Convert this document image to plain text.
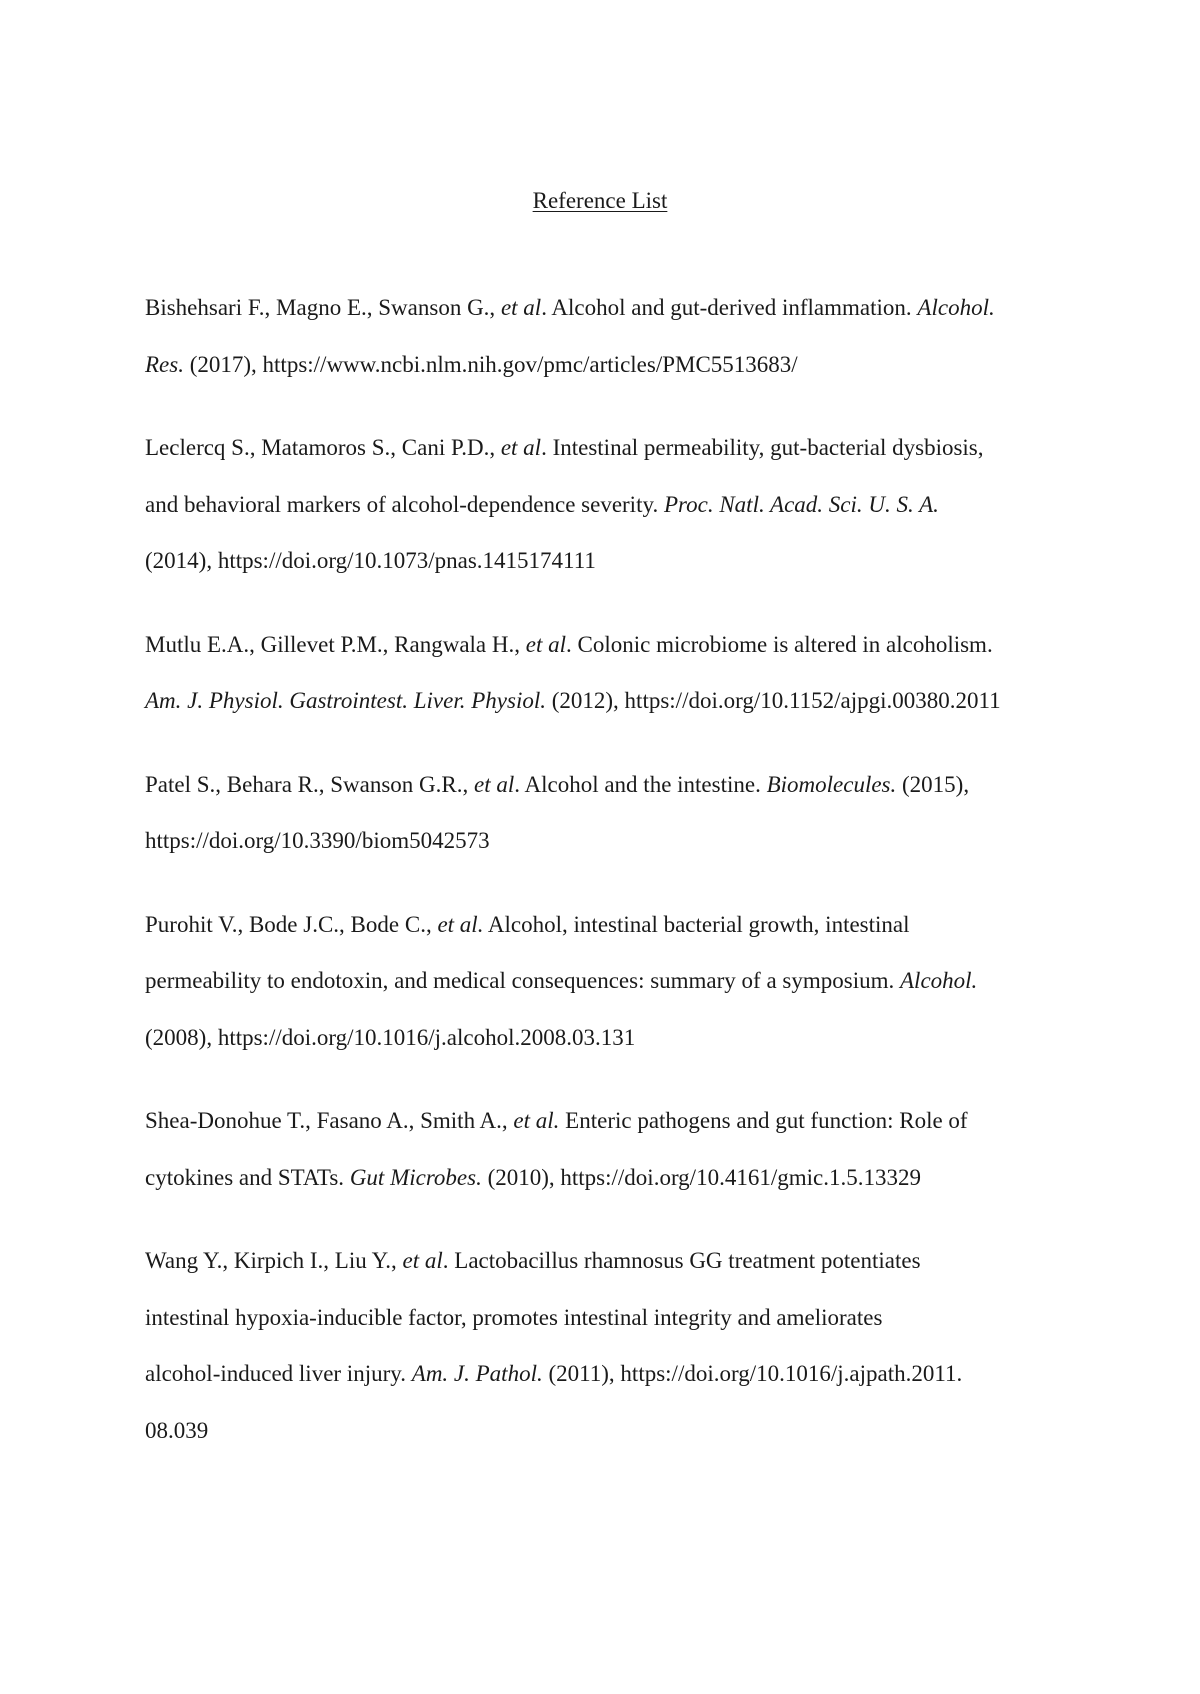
Reference List

Bishehsari F., Magno E., Swanson G., et al. Alcohol and gut-derived inflammation. Alcohol.
Res. (2017), https://www.ncbi.nlm.nih.gov/pmc/articles/PMC5513683/

Leclercq S., Matamoros S., Cani P.D., et al. Intestinal permeability, gut-bacterial dysbiosis,
and behavioral markers of alcohol-dependence severity. Proc. Natl. Acad. Sci. U. S. A.
(2014), https://doi.org/10.1073/pnas.1415174111

Mutlu E.A., Gillevet P.M., Rangwala H., et al. Colonic microbiome is altered in alcoholism.
Am. J. Physiol. Gastrointest. Liver. Physiol. (2012), https://doi.org/10.1152/ajpgi.00380.2011

Patel S., Behara R., Swanson G.R., et al. Alcohol and the intestine. Biomolecules. (2015),
https://doi.org/10.3390/biom5042573

Purohit V., Bode J.C., Bode C., et al. Alcohol, intestinal bacterial growth, intestinal
permeability to endotoxin, and medical consequences: summary of a symposium. Alcohol.
(2008), https://doi.org/10.1016/j.alcohol.2008.03.131

Shea-Donohue T., Fasano A., Smith A., et al. Enteric pathogens and gut function: Role of
cytokines and STATs. Gut Microbes. (2010), https://doi.org/10.4161/gmic.1.5.13329

Wang Y., Kirpich I., Liu Y., et al. Lactobacillus rhamnosus GG treatment potentiates
intestinal hypoxia-inducible factor, promotes intestinal integrity and ameliorates
alcohol-induced liver injury. Am. J. Pathol. (2011), https://doi.org/10.1016/j.ajpath.2011.
08.039
